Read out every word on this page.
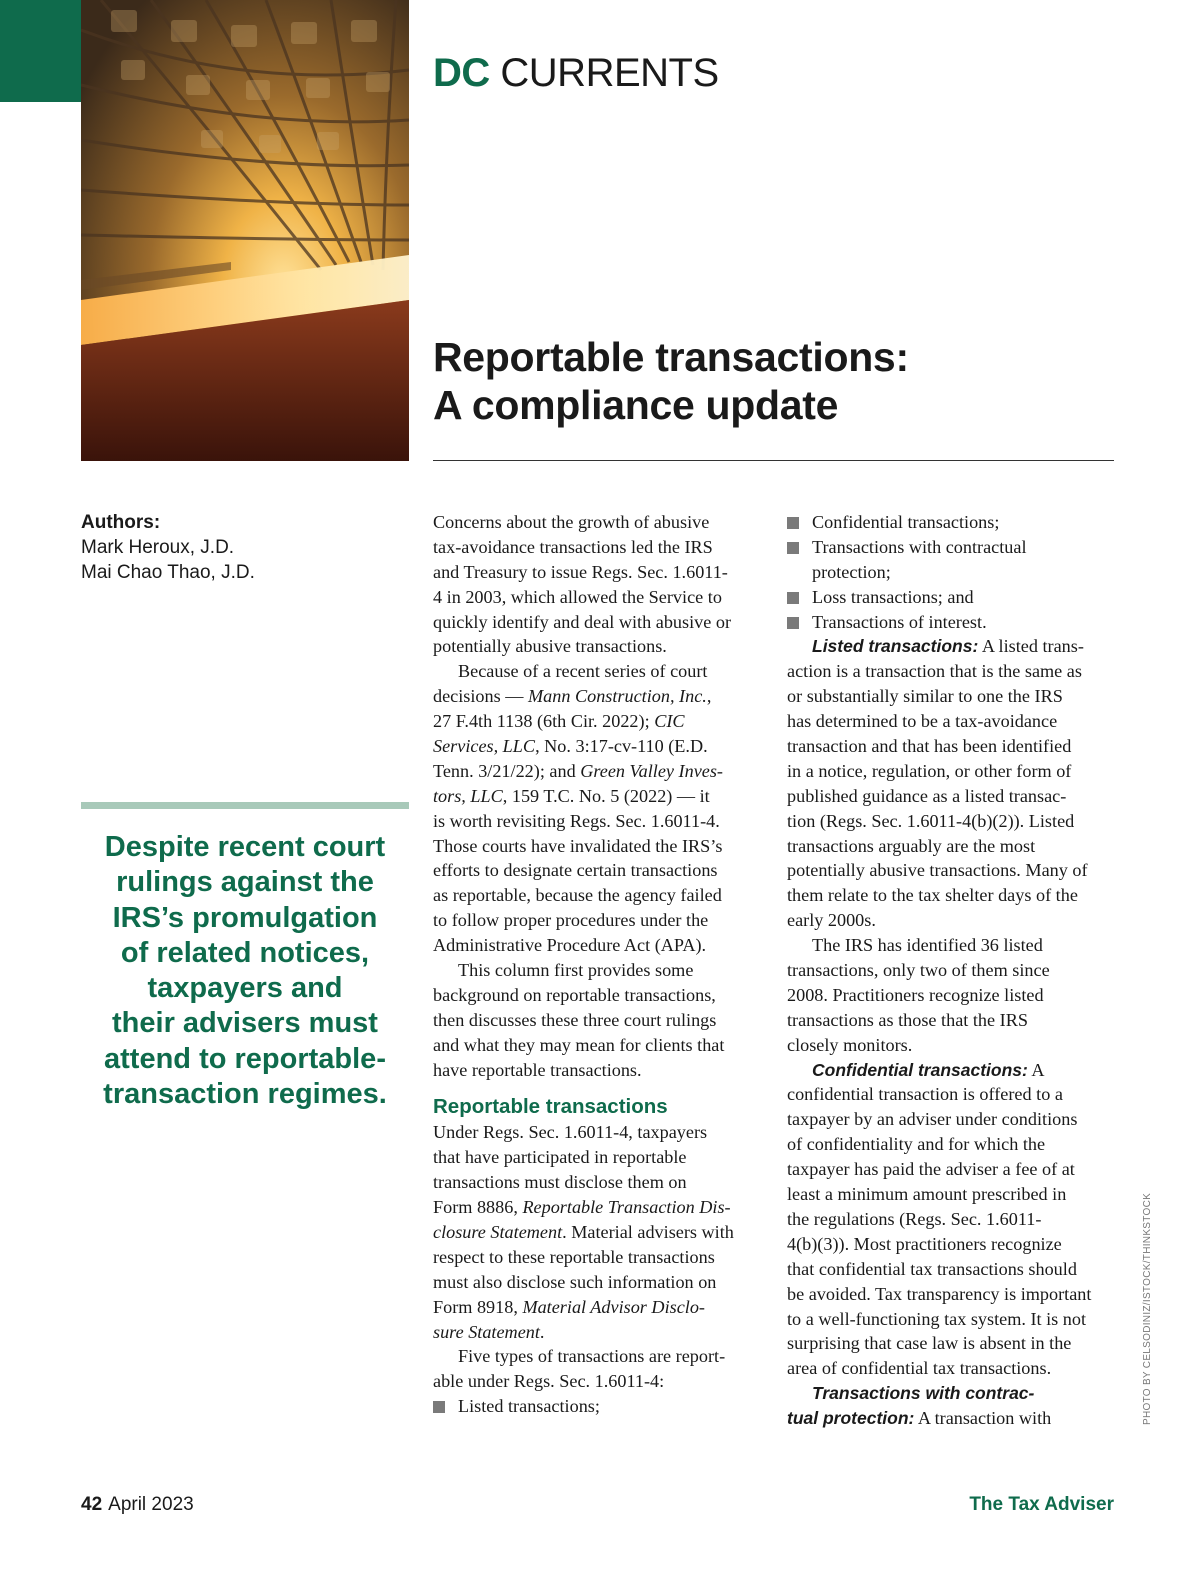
DC CURRENTS
Reportable transactions:
A compliance update
Authors:
Mark Heroux, J.D.
Mai Chao Thao, J.D.
Despite recent court
rulings against the
IRS’s promulgation
of related notices,
taxpayers and
their advisers must
attend to reportable-
transaction regimes.
Concerns about the growth of abusive
tax-avoidance transactions led the IRS
and Treasury to issue Regs. Sec. 1.6011-
4 in 2003, which allowed the Service to
quickly identify and deal with abusive or
potentially abusive transactions.
Because of a recent series of court
decisions — Mann Construction, Inc.,
27 F.4th 1138 (6th Cir. 2022); CIC
Services, LLC, No. 3:17-cv-110 (E.D.
Tenn. 3/21/22); and Green Valley Inves-
tors, LLC, 159 T.C. No. 5 (2022) — it
is worth revisiting Regs. Sec. 1.6011-4.
Those courts have invalidated the IRS’s
efforts to designate certain transactions
as reportable, because the agency failed
to follow proper procedures under the
Administrative Procedure Act (APA).
This column first provides some
background on reportable transactions,
then discusses these three court rulings
and what they may mean for clients that
have reportable transactions.
Reportable transactions
Under Regs. Sec. 1.6011-4, taxpayers
that have participated in reportable
transactions must disclose them on
Form 8886, Reportable Transaction Dis-
closure Statement. Material advisers with
respect to these reportable transactions
must also disclose such information on
Form 8918, Material Advisor Disclo-
sure Statement.
Five types of transactions are report-
able under Regs. Sec. 1.6011-4:
Listed transactions;
Confidential transactions;
Transactions with contractual
protection;
Loss transactions; and
Transactions of interest.
Listed transactions: A listed trans-
action is a transaction that is the same as
or substantially similar to one the IRS
has determined to be a tax-avoidance
transaction and that has been identified
in a notice, regulation, or other form of
published guidance as a listed transac-
tion (Regs. Sec. 1.6011-4(b)(2)). Listed
transactions arguably are the most
potentially abusive transactions. Many of
them relate to the tax shelter days of the
early 2000s.
The IRS has identified 36 listed
transactions, only two of them since
2008. Practitioners recognize listed
transactions as those that the IRS
closely monitors.
Confidential transactions: A
confidential transaction is offered to a
taxpayer by an adviser under conditions
of confidentiality and for which the
taxpayer has paid the adviser a fee of at
least a minimum amount prescribed in
the regulations (Regs. Sec. 1.6011-
4(b)(3)). Most practitioners recognize
that confidential tax transactions should
be avoided. Tax transparency is important
to a well-functioning tax system. It is not
surprising that case law is absent in the
area of confidential tax transactions.
Transactions with contrac-
tual protection: A transaction with	PHOTO BY CELSODINIZ/ISTOCK/THINKSTOCK
42 April 2023	The Tax Adviser
